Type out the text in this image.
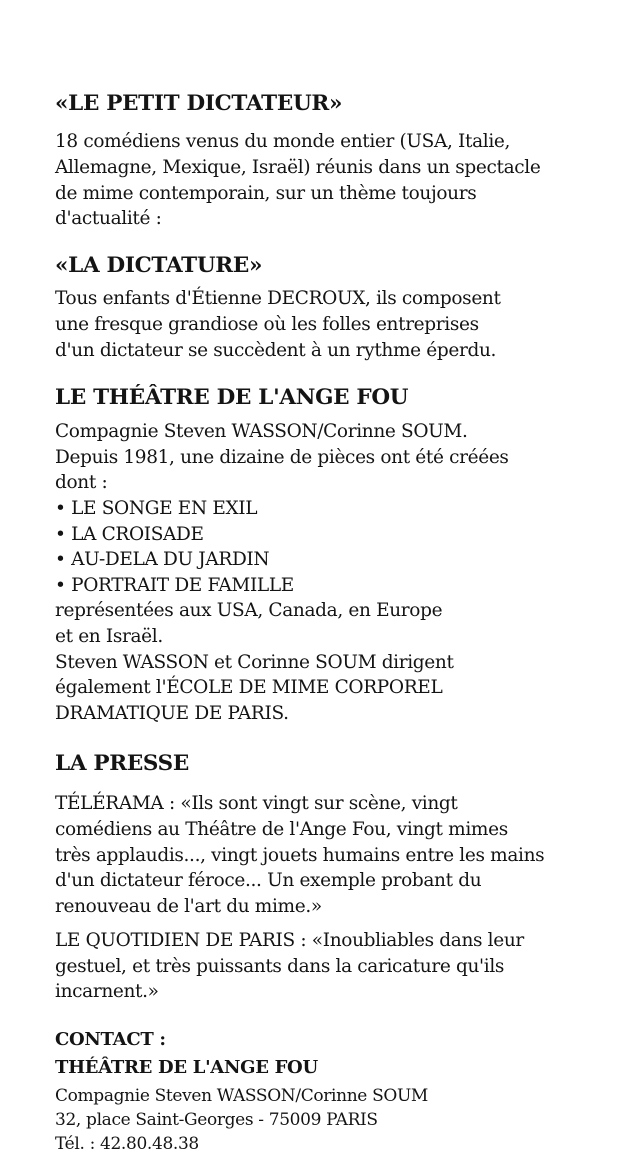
«LE PETIT DICTATEUR»
18 comédiens venus du monde entier (USA, Italie,
Allemagne, Mexique, Israël) réunis dans un spectacle
de mime contemporain, sur un thème toujours
d'actualité :
«LA DICTATURE»
Tous enfants d'Étienne DECROUX, ils composent
une fresque grandiose où les folles entreprises
d'un dictateur se succèdent à un rythme éperdu.
LE THÉÂTRE DE L'ANGE FOU
Compagnie Steven WASSON/Corinne SOUM.
Depuis 1981, une dizaine de pièces ont été créées
dont :
• LE SONGE EN EXIL
• LA CROISADE
• AU-DELA DU JARDIN
• PORTRAIT DE FAMILLE
représentées aux USA, Canada, en Europe
et en Israël.
Steven WASSON et Corinne SOUM dirigent
également l'ÉCOLE DE MIME CORPOREL
DRAMATIQUE DE PARIS.
LA PRESSE
TÉLÉRAMA : «Ils sont vingt sur scène, vingt
comédiens au Théâtre de l'Ange Fou, vingt mimes
très applaudis..., vingt jouets humains entre les mains
d'un dictateur féroce... Un exemple probant du
renouveau de l'art du mime.»
LE QUOTIDIEN DE PARIS : «Inoubliables dans leur
gestuel, et très puissants dans la caricature qu'ils
incarnent.»
CONTACT :
THÉÂTRE DE L'ANGE FOU
Compagnie Steven WASSON/Corinne SOUM
32, place Saint-Georges - 75009 PARIS
Tél. : 42.80.48.38
